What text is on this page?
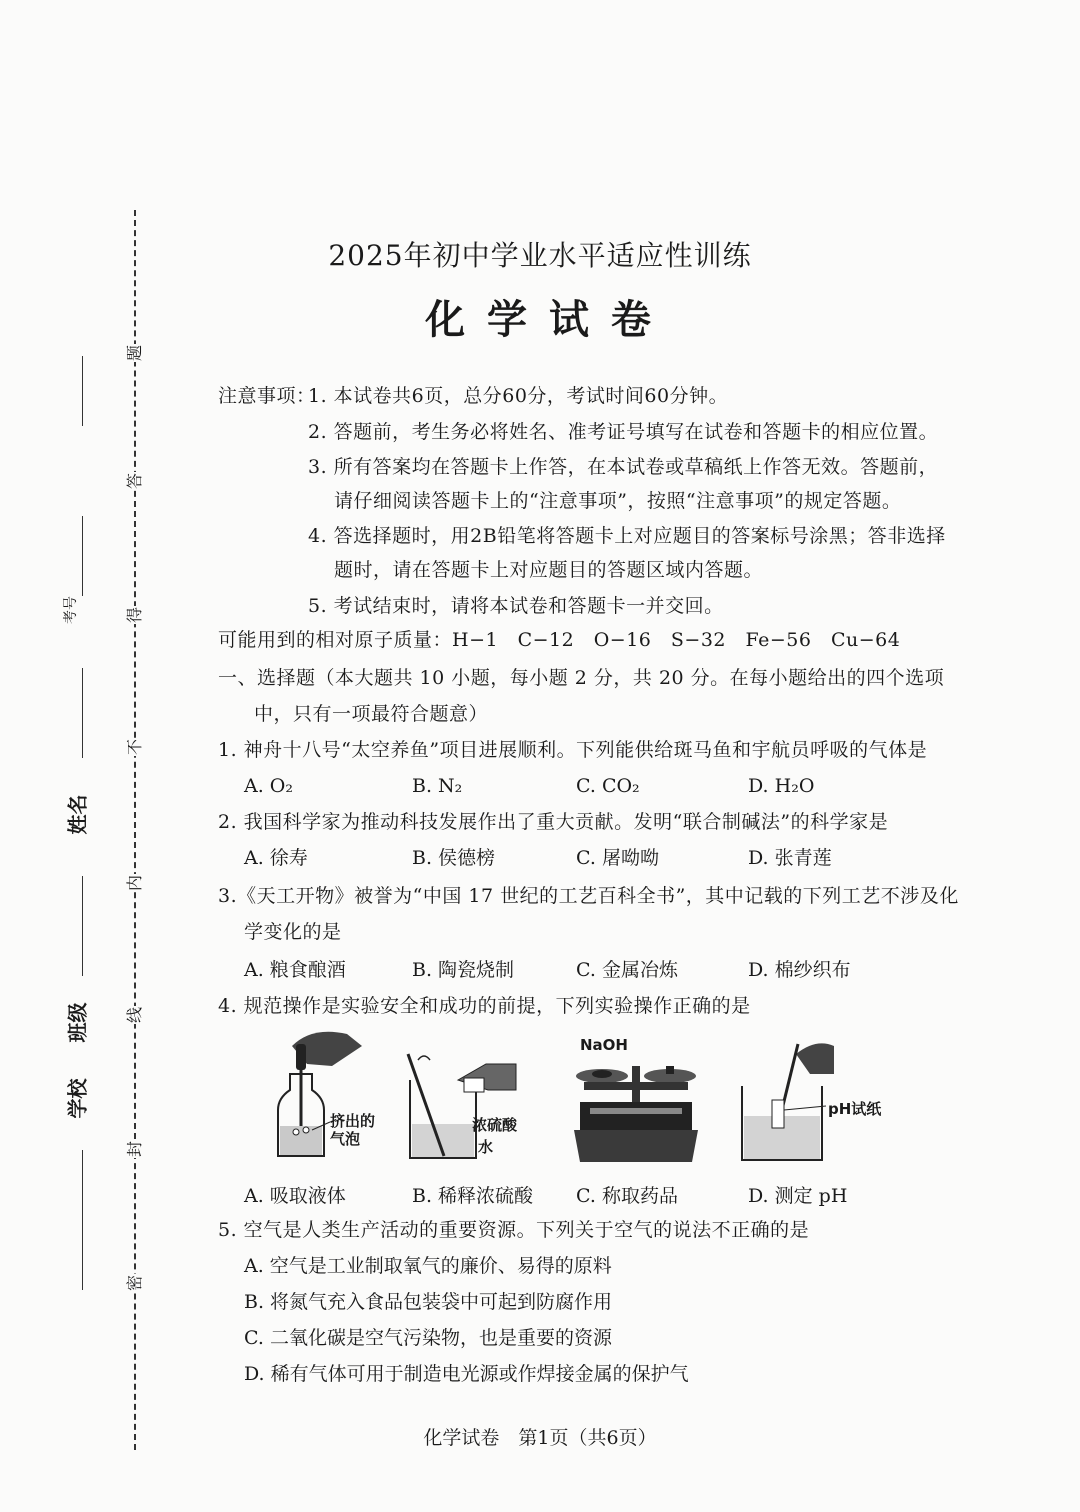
题
答
得
不
内
线
封
密
考号
姓名
班级
学校
2025年初中学业水平适应性训练
化 学 试 卷
注意事项：
1. 本试卷共6页，总分60分，考试时间60分钟。
2. 答题前，考生务必将姓名、准考证号填写在试卷和答题卡的相应位置。
3. 所有答案均在答题卡上作答，在本试卷或草稿纸上作答无效。答题前，
请仔细阅读答题卡上的“注意事项”，按照“注意事项”的规定答题。
4. 答选择题时，用2B铅笔将答题卡上对应题目的答案标号涂黑；答非选择
题时，请在答题卡上对应题目的答题区域内答题。
5. 考试结束时，请将本试卷和答题卡一并交回。
可能用到的相对原子质量：H−1　C−12　O−16　S−32　Fe−56　Cu−64
一、选择题（本大题共 10 小题，每小题 2 分，共 20 分。在每小题给出的四个选项
中，只有一项最符合题意）
1. 神舟十八号“太空养鱼”项目进展顺利。下列能供给斑马鱼和宇航员呼吸的气体是
A. O₂	B. N₂	C. CO₂	D. H₂O
2. 我国科学家为推动科技发展作出了重大贡献。发明“联合制碱法”的科学家是
A. 徐寿	B. 侯德榜	C. 屠呦呦	D. 张青莲
3.《天工开物》被誉为“中国 17 世纪的工艺百科全书”，其中记载的下列工艺不涉及化
学变化的是
A. 粮食酿酒	B. 陶瓷烧制	C. 金属冶炼	D. 棉纱织布
4. 规范操作是实验安全和成功的前提，下列实验操作正确的是
挤出的
气泡
浓硫酸
水
NaOH
pH试纸
A. 吸取液体	B. 稀释浓硫酸 C. 称取药品	D. 测定 pH
5. 空气是人类生产活动的重要资源。下列关于空气的说法不正确的是
A. 空气是工业制取氧气的廉价、易得的原料
B. 将氮气充入食品包装袋中可起到防腐作用
C. 二氧化碳是空气污染物，也是重要的资源
D. 稀有气体可用于制造电光源或作焊接金属的保护气
化学试卷　第1页（共6页）
